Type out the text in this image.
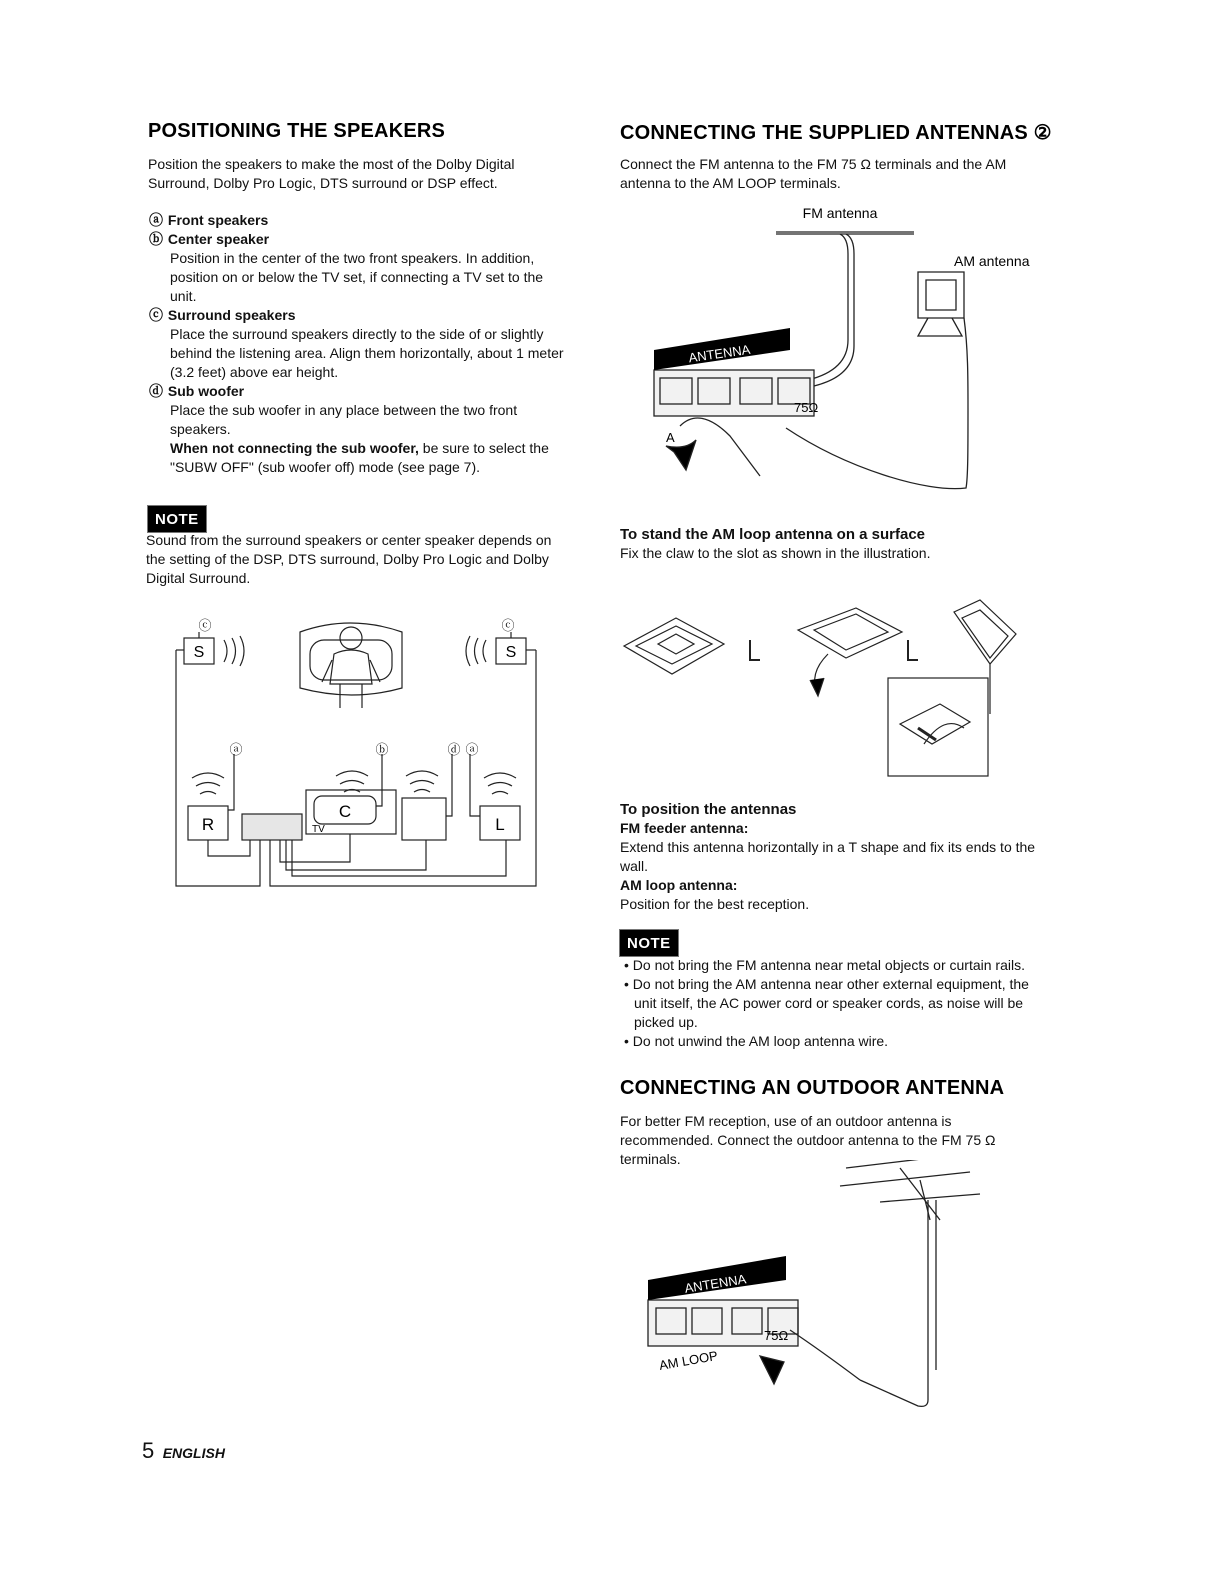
POSITIONING THE SPEAKERS

Position the speakers to make the most of the Dolby Digital Surround, Dolby Pro Logic, DTS surround or DSP effect.

ⓐ Front speakers

ⓑ Center speaker

Position in the center of the two front speakers. In addition, position on or below the TV set, if connecting a TV set to the unit.

ⓒ Surround speakers

Place the surround speakers directly to the side of or slightly behind the listening area. Align them horizontally, about 1 meter (3.2 feet) above ear height.

ⓓ Sub woofer

Place the sub woofer in any place between the two front speakers.

When not connecting the sub woofer, be sure to select the "SUBW OFF" (sub woofer off) mode (see page 7).

NOTE

Sound from the surround speakers or center speaker depends on the setting of the DSP, DTS surround, Dolby Pro Logic and Dolby Digital Surround.

S	S
R	L
C
TV
ⓒ	ⓒ
ⓐ	ⓑ	ⓓ ⓐ
CONNECTING THE SUPPLIED ANTENNAS ②

Connect the FM antenna to the FM 75 Ω terminals and the AM antenna to the AM LOOP terminals.

FM antenna
AM antenna
ANTENNA
75Ω
A

To stand the AM loop antenna on a surface

Fix the claw to the slot as shown in the illustration.

To position the antennas

FM feeder antenna:

Extend this antenna horizontally in a T shape and fix its ends to the wall.

AM loop antenna:

Position for the best reception.

NOTE

• Do not bring the FM antenna near metal objects or curtain rails.

• Do not bring the AM antenna near other external equipment, the unit itself, the AC power cord or speaker cords, as noise will be picked up.

• Do not unwind the AM loop antenna wire.

CONNECTING AN OUTDOOR ANTENNA

For better FM reception, use of an outdoor antenna is recommended. Connect the outdoor antenna to the FM 75 Ω terminals.

ANTENNA
AM LOOP
75Ω
5 ENGLISH
